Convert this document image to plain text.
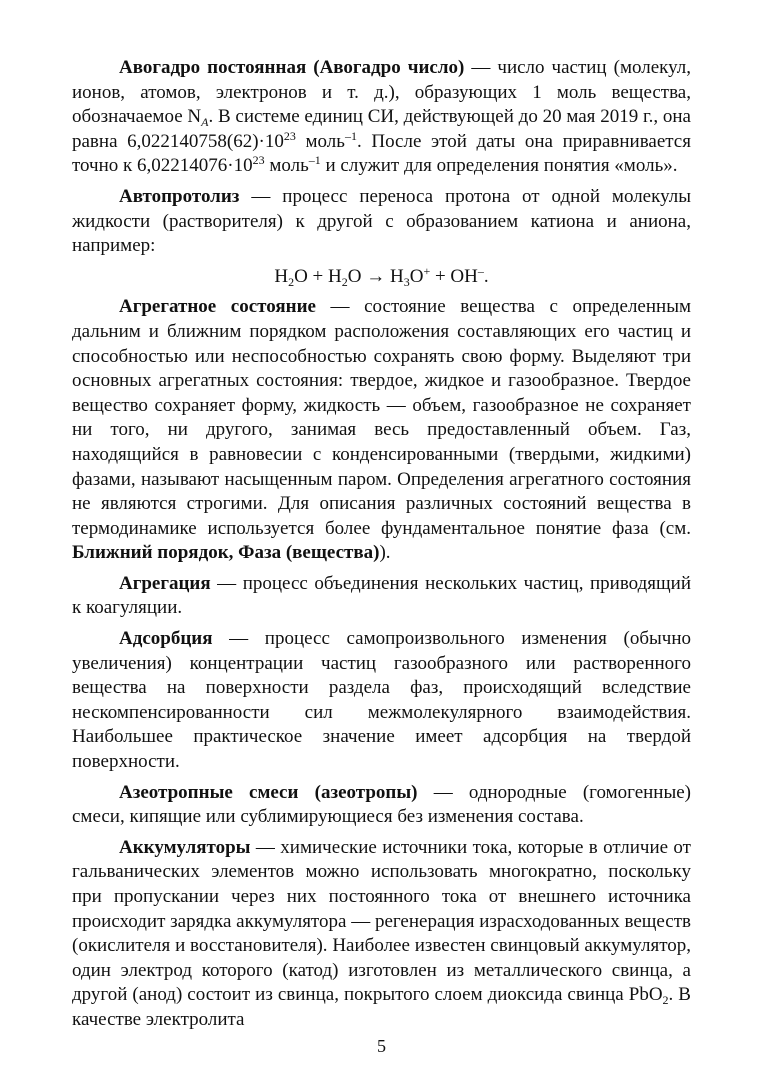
Авогадро постоянная (Авогадро число) — число частиц (молекул, ионов, атомов, электронов и т. д.), образующих 1 моль вещества, обозначаемое $N_A$. В системе единиц СИ, действующей до 20 мая 2019 г., она равна $6,022140758(62)\cdot 10^{23}$ моль$^{-1}$. После этой даты она приравнивается точно к $6,02214076\cdot 10^{23}$ моль$^{-1}$ и служит для определения понятия «моль».

Автопротолиз — процесс переноса протона от одной молекулы жидкости (растворителя) к другой с образованием катиона и аниона, например:

$H_2O + H_2O \to H_3O^+ + OH^-$.

Агрегатное состояние — состояние вещества с определенным дальним и ближним порядком расположения составляющих его частиц и способностью или неспособностью сохранять свою форму. Выделяют три основных агрегатных состояния: твердое, жидкое и газообразное. Твердое вещество сохраняет форму, жидкость — объем, газообразное не сохраняет ни того, ни другого, занимая весь предоставленный объем. Газ, находящийся в равновесии с конденсированными (твердыми, жидкими) фазами, называют насыщенным паром. Определения агрегатного состояния не являются строгими. Для описания различных состояний вещества в термодинамике используется более фундаментальное понятие фаза (см. Ближний порядок, Фаза (вещества)).

Агрегация — процесс объединения нескольких частиц, приводящий к коагуляции.

Адсорбция — процесс самопроизвольного изменения (обычно увеличения) концентрации частиц газообразного или растворенного вещества на поверхности раздела фаз, происходящий вследствие нескомпенсированности сил межмолекулярного взаимодействия. Наибольшее практическое значение имеет адсорбция на твердой поверхности.

Азеотропные смеси (азеотропы) — однородные (гомогенные) смеси, кипящие или сублимирующиеся без изменения состава.

Аккумуляторы — химические источники тока, которые в отличие от гальванических элементов можно использовать многократно, поскольку при пропускании через них постоянного тока от внешнего источника происходит зарядка аккумулятора — регенерация израсходованных веществ (окислителя и восстановителя). Наиболее известен свинцовый аккумулятор, один электрод которого (катод) изготовлен из металлического свинца, а другой (анод) состоит из свинца, покрытого слоем диоксида свинца PbO$_2$. В качестве электролита

5
